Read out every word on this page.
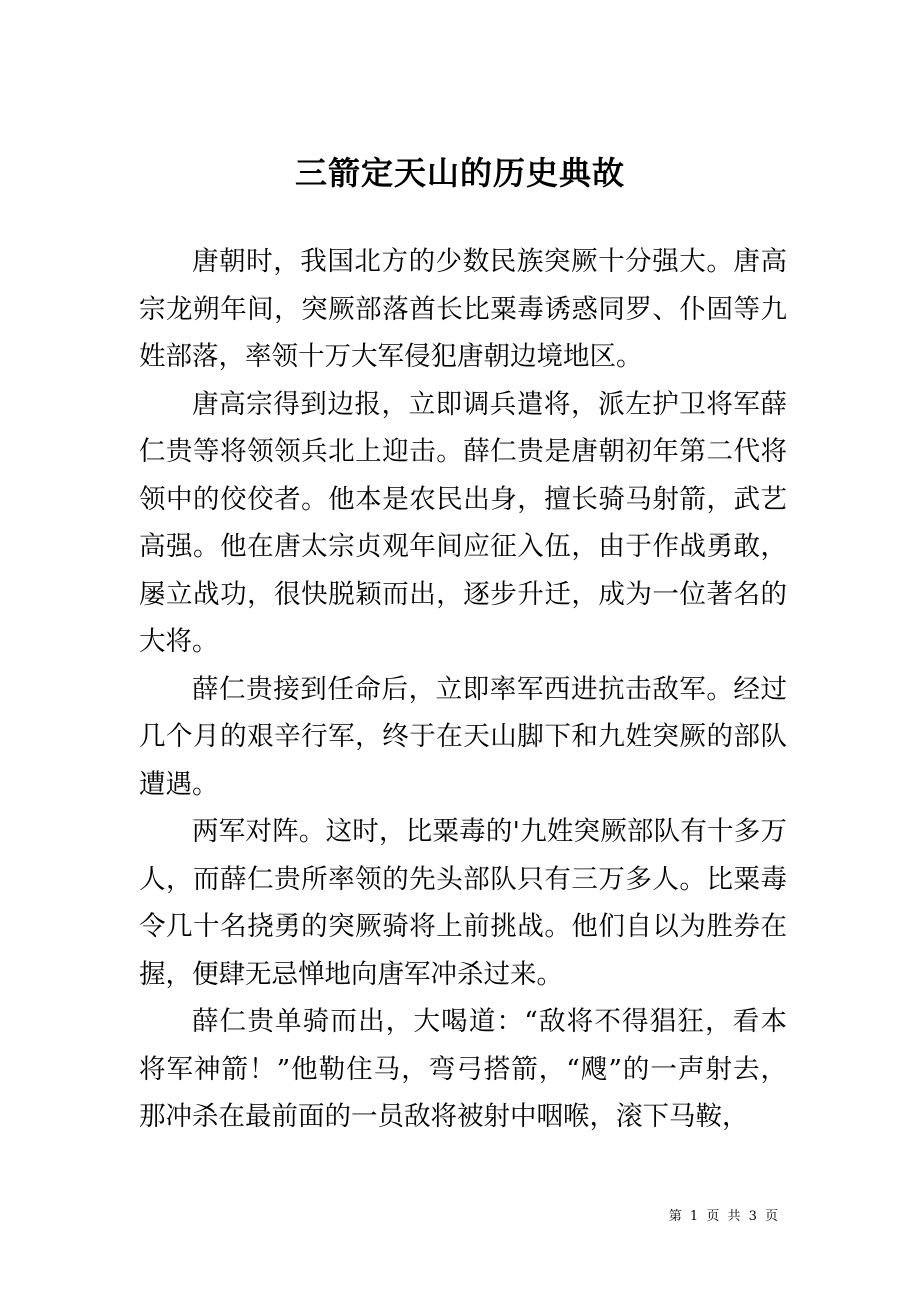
三箭定天山的历史典故

唐朝时，我国北方的少数民族突厥十分强大。唐高宗龙朔年间，突厥部落酋长比粟毒诱惑同罗、仆固等九姓部落，率领十万大军侵犯唐朝边境地区。

唐高宗得到边报，立即调兵遣将，派左护卫将军薛仁贵等将领领兵北上迎击。薛仁贵是唐朝初年第二代将领中的佼佼者。他本是农民出身，擅长骑马射箭，武艺高强。他在唐太宗贞观年间应征入伍，由于作战勇敢，屡立战功，很快脱颖而出，逐步升迁，成为一位著名的大将。

薛仁贵接到任命后，立即率军西进抗击敌军。经过几个月的艰辛行军，终于在天山脚下和九姓突厥的部队遭遇。

两军对阵。这时，比粟毒的'九姓突厥部队有十多万人，而薛仁贵所率领的先头部队只有三万多人。比粟毒令几十名挠勇的突厥骑将上前挑战。他们自以为胜券在握，便肆无忌惮地向唐军冲杀过来。

薛仁贵单骑而出，大喝道：“敌将不得猖狂，看本将军神箭！”他勒住马，弯弓搭箭，“飕”的一声射去，那冲杀在最前面的一员敌将被射中咽喉，滚下马鞍，

第 1 页 共 3 页
